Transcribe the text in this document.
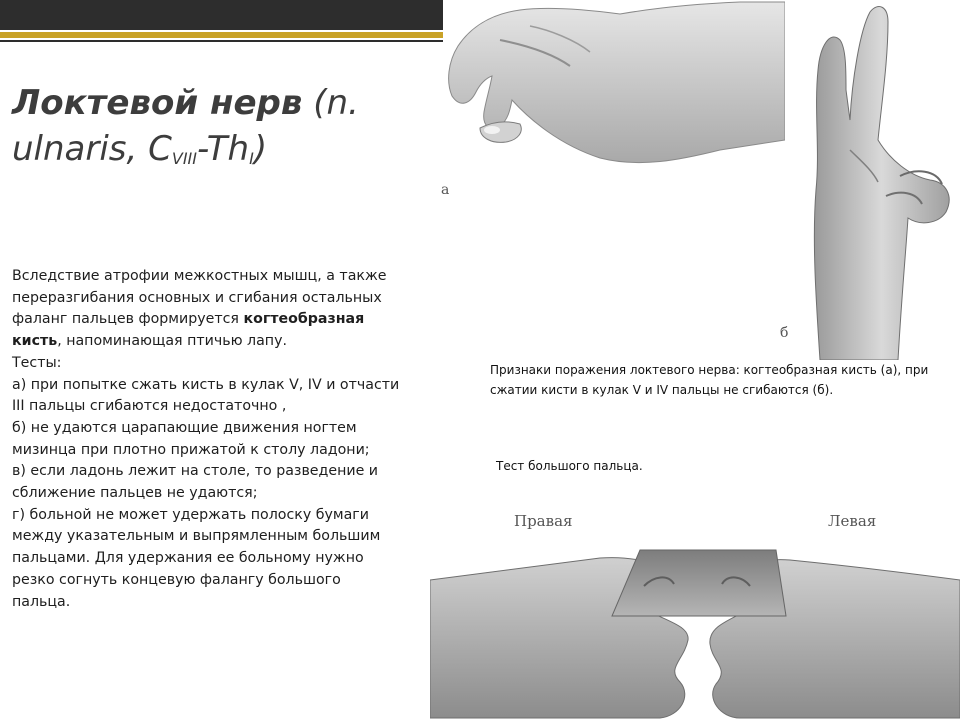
Локтевой нерв (n.
ulnaris, $C_{VIII}-Th_I$)

Вследствие атрофии межкостных мышц, а также переразгибания основных и сгибания остальных фаланг пальцев формируется когтеобразная кисть, напоминающая птичью лапу.

Тесты:

а) при попытке сжать кисть в кулак V, IV и отчасти III пальцы сгибаются недостаточно ,

б) не удаются царапающие движения ногтем мизинца при плотно прижатой к столу ладони;

в) если ладонь лежит на столе, то разведение и сближение пальцев не удаются;

г) больной не может удержать полоску бумаги между указательным и выпрямленным большим пальцами. Для удержания ее больному нужно резко согнуть концевую фалангу большого пальца.

а
б
Признаки поражения локтевого нерва: когтеобразная кисть (а), при сжатии кисти в кулак V и IV пальцы не сгибаются (б).
Тест большого пальца.
Правая	Левая
